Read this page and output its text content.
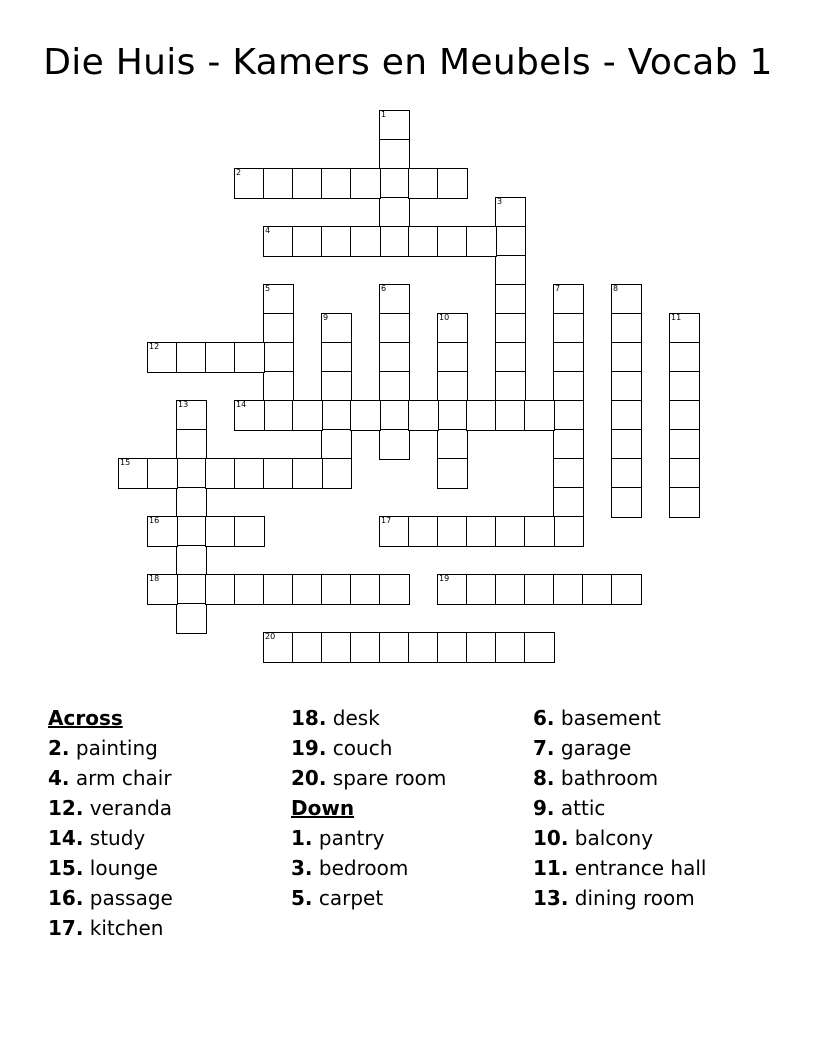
Die Huis - Kamers en Meubels - Vocab 1
1
2
3
4
5	6	7	8
9	10	11
12
13	14
15
16	17
18	19
20
Across
2. painting
4. arm chair
12. veranda
14. study
15. lounge
16. passage
17. kitchen
18. desk
19. couch
20. spare room
Down
1. pantry
3. bedroom
5. carpet
6. basement
7. garage
8. bathroom
9. attic
10. balcony
11. entrance hall
13. dining room
